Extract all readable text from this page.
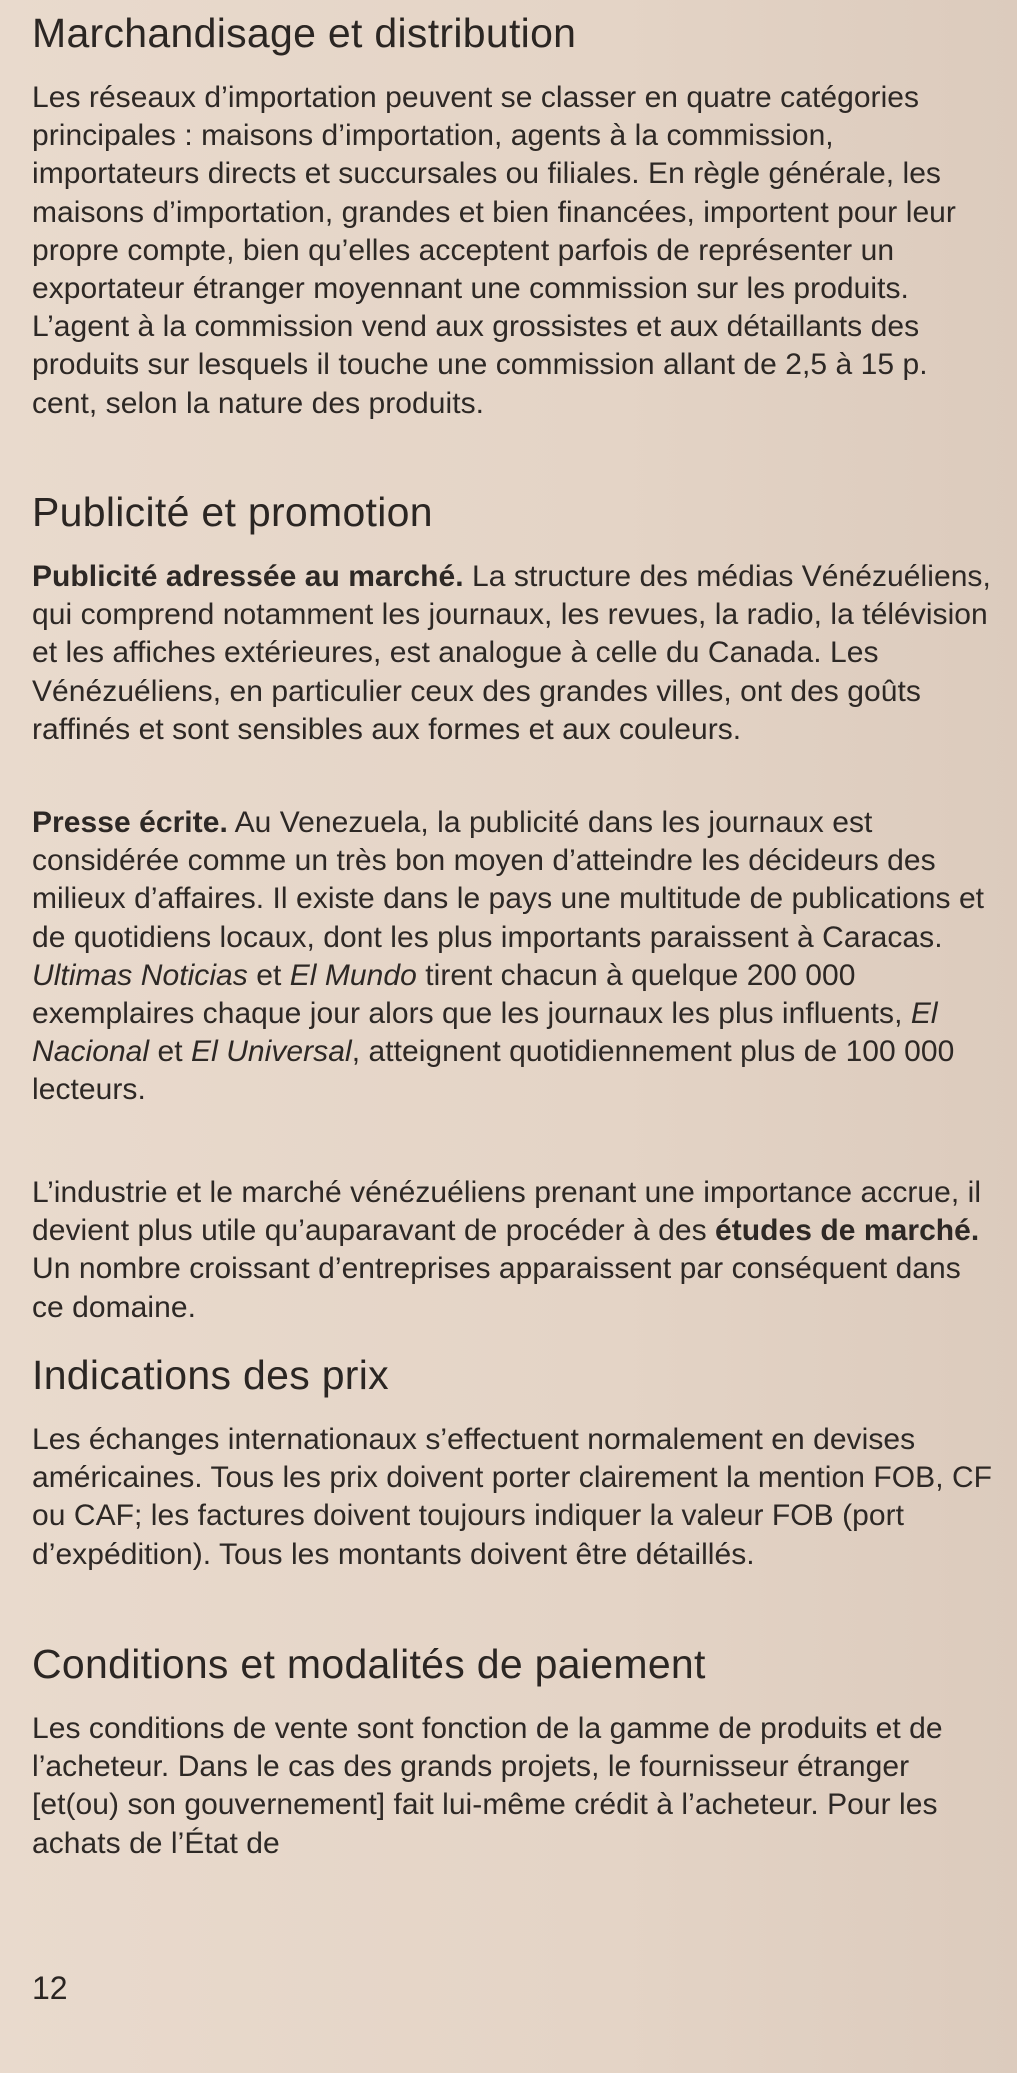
Marchandisage et distribution

Les réseaux d’importation peuvent se classer en quatre catégories principales : maisons d’importation, agents à la commission, importateurs directs et succursales ou filiales. En règle générale, les maisons d’importation, grandes et bien financées, importent pour leur propre compte, bien qu’elles acceptent parfois de représenter un exportateur étranger moyennant une commission sur les produits. L’agent à la commission vend aux grossistes et aux détaillants des produits sur lesquels il touche une commission allant de 2,5 à 15 p. cent, selon la nature des produits.

Publicité et promotion

Publicité adressée au marché. La structure des médias Vénézuéliens, qui comprend notamment les journaux, les revues, la radio, la télévision et les affiches extérieures, est analogue à celle du Canada. Les Vénézuéliens, en particulier ceux des grandes villes, ont des goûts raffinés et sont sensibles aux formes et aux couleurs.

Presse écrite. Au Venezuela, la publicité dans les journaux est considérée comme un très bon moyen d’atteindre les décideurs des milieux d’affaires. Il existe dans le pays une multitude de publications et de quotidiens locaux, dont les plus importants paraissent à Caracas. Ultimas Noticias et El Mundo tirent chacun à quelque 200 000 exemplaires chaque jour alors que les journaux les plus influents, El Nacional et El Universal, atteignent quotidiennement plus de 100 000 lecteurs.

L’industrie et le marché vénézuéliens prenant une importance accrue, il devient plus utile qu’auparavant de procéder à des études de marché. Un nombre croissant d’entreprises apparaissent par conséquent dans ce domaine.

Indications des prix

Les échanges internationaux s’effectuent normalement en devises américaines. Tous les prix doivent porter clairement la mention FOB, CF ou CAF; les factures doivent toujours indiquer la valeur FOB (port d’expédition). Tous les montants doivent être détaillés.

Conditions et modalités de paiement

Les conditions de vente sont fonction de la gamme de produits et de l’acheteur. Dans le cas des grands projets, le fournisseur étranger [et(ou) son gouvernement] fait lui-même crédit à l’acheteur. Pour les achats de l’État de

12
